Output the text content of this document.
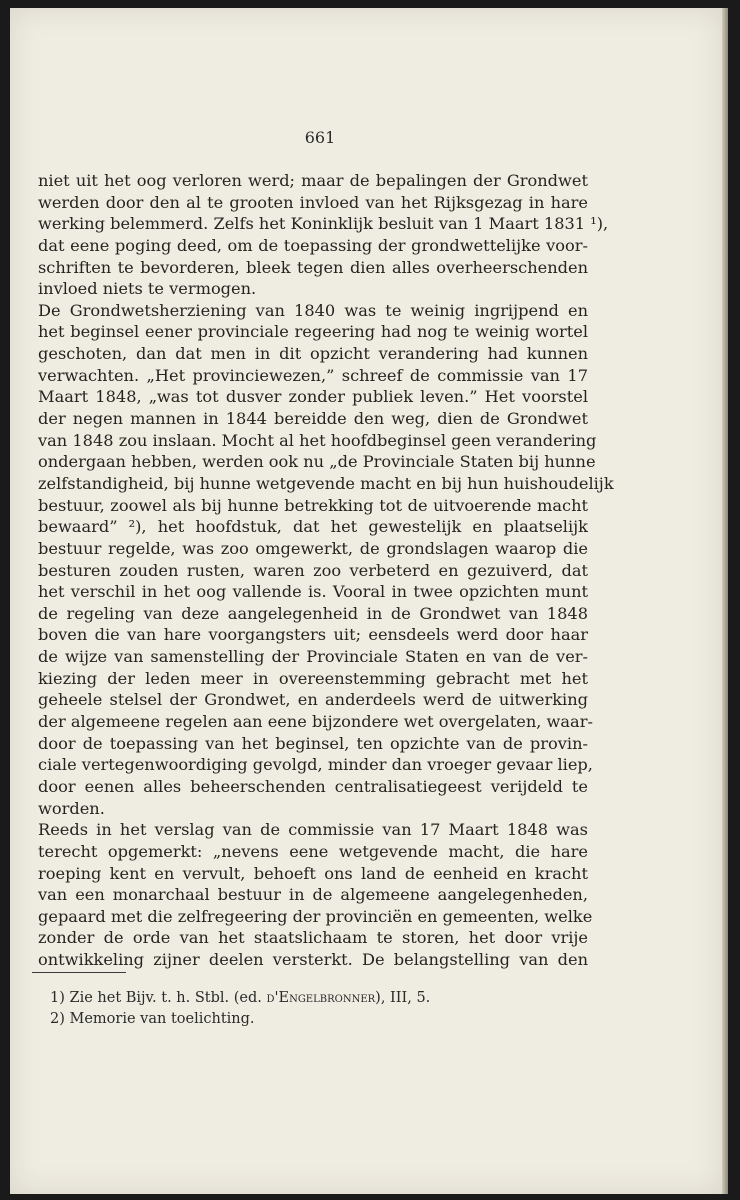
661
niet uit het oog verloren werd; maar de bepalingen der Grondwet
werden door den al te grooten invloed van het Rijksgezag in hare
werking belemmerd. Zelfs het Koninklijk besluit van 1 Maart 1831 ¹),
dat eene poging deed, om de toepassing der grondwettelijke voor-
schriften te bevorderen, bleek tegen dien alles overheerschenden
invloed niets te vermogen.
De Grondwetsherziening van 1840 was te weinig ingrijpend en
het beginsel eener provinciale regeering had nog te weinig wortel
geschoten, dan dat men in dit opzicht verandering had kunnen
verwachten. „Het provinciewezen,” schreef de commissie van 17
Maart 1848, „was tot dusver zonder publiek leven.” Het voorstel
der negen mannen in 1844 bereidde den weg, dien de Grondwet
van 1848 zou inslaan. Mocht al het hoofdbeginsel geen verandering
ondergaan hebben, werden ook nu „de Provinciale Staten bij hunne
zelfstandigheid, bij hunne wetgevende macht en bij hun huishoudelijk
bestuur, zoowel als bij hunne betrekking tot de uitvoerende macht
bewaard” ²), het hoofdstuk, dat het gewestelijk en plaatselijk
bestuur regelde, was zoo omgewerkt, de grondslagen waarop die
besturen zouden rusten, waren zoo verbeterd en gezuiverd, dat
het verschil in het oog vallende is. Vooral in twee opzichten munt
de regeling van deze aangelegenheid in de Grondwet van 1848
boven die van hare voorgangsters uit; eensdeels werd door haar
de wijze van samenstelling der Provinciale Staten en van de ver-
kiezing der leden meer in overeenstemming gebracht met het
geheele stelsel der Grondwet, en anderdeels werd de uitwerking
der algemeene regelen aan eene bijzondere wet overgelaten, waar-
door de toepassing van het beginsel, ten opzichte van de provin-
ciale vertegenwoordiging gevolgd, minder dan vroeger gevaar liep,
door eenen alles beheerschenden centralisatiegeest verijdeld te
worden.
Reeds in het verslag van de commissie van 17 Maart 1848 was
terecht opgemerkt: „nevens eene wetgevende macht, die hare
roeping kent en vervult, behoeft ons land de eenheid en kracht
van een monarchaal bestuur in de algemeene aangelegenheden,
gepaard met die zelfregeering der provinciën en gemeenten, welke
zonder de orde van het staatslichaam te storen, het door vrije
ontwikkeling zijner deelen versterkt. De belangstelling van den
1) Zie het Bijv. t. h. Stbl. (ed. d'Engelbronner), III, 5.
2) Memorie van toelichting.
